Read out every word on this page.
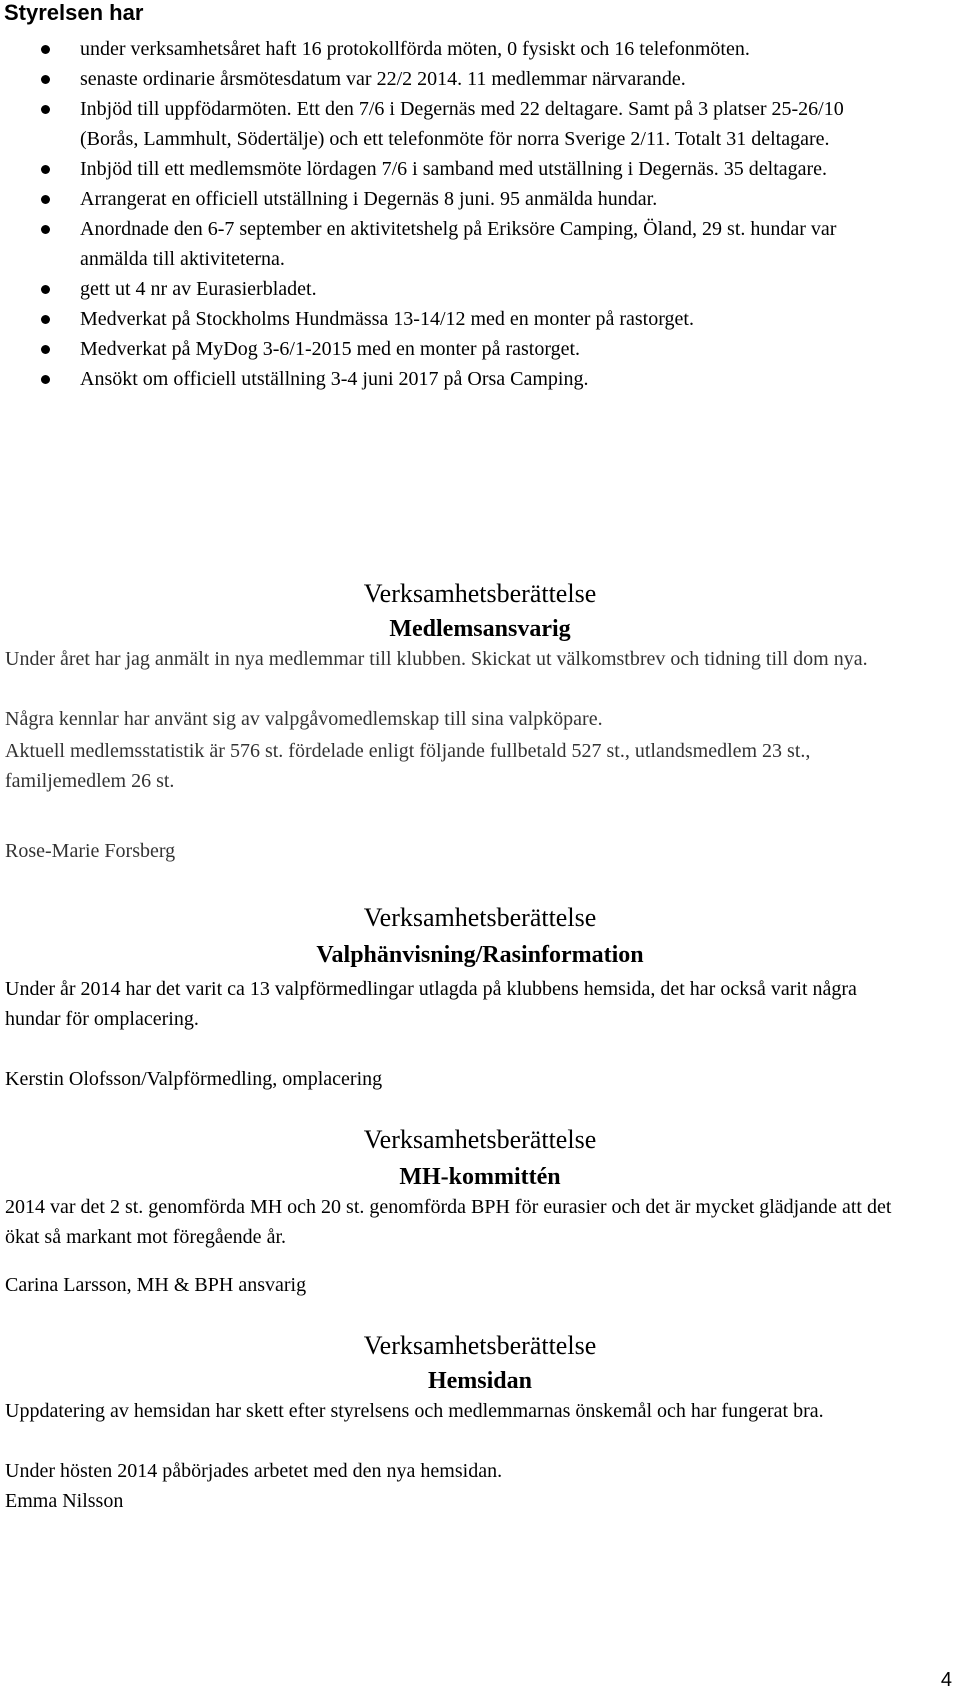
Styrelsen har
under verksamhetsåret haft 16 protokollförda möten, 0 fysiskt och 16 telefonmöten.
senaste ordinarie årsmötesdatum var 22/2 2014. 11 medlemmar närvarande.
Inbjöd till uppfödarmöten. Ett den 7/6 i Degernäs med 22 deltagare. Samt på 3 platser 25-26/10 (Borås, Lammhult, Södertälje) och ett telefonmöte för norra Sverige 2/11. Totalt 31 deltagare.
Inbjöd till ett medlemsmöte lördagen 7/6 i samband med utställning i Degernäs. 35 deltagare.
Arrangerat en officiell utställning i Degernäs 8 juni. 95 anmälda hundar.
Anordnade den 6-7 september en aktivitetshelg på Eriksöre Camping, Öland, 29 st. hundar var anmälda till aktiviteterna.
gett ut 4 nr av Eurasierbladet.
Medverkat på Stockholms Hundmässa 13-14/12 med en monter på rastorget.
Medverkat på MyDog 3-6/1-2015 med en monter på rastorget.
Ansökt om officiell utställning 3-4 juni 2017 på Orsa Camping.
Verksamhetsberättelse
Medlemsansvarig

Under året har jag anmält in nya medlemmar till klubben. Skickat ut välkomstbrev och tidning till dom nya.

Några kennlar har använt sig av valpgåvomedlemskap till sina valpköpare.

Aktuell medlemsstatistik är 576 st. fördelade enligt följande fullbetald 527 st., utlandsmedlem 23 st., familjemedlem 26 st.

Rose-Marie Forsberg

Verksamhetsberättelse
Valphänvisning/Rasinformation

Under år 2014 har det varit ca 13 valpförmedlingar utlagda på klubbens hemsida, det har också varit några hundar för omplacering.

Kerstin Olofsson/Valpförmedling, omplacering

Verksamhetsberättelse
MH-kommittén

2014 var det 2 st. genomförda MH och 20 st. genomförda BPH för eurasier och det är mycket glädjande att det ökat så markant mot föregående år.

Carina Larsson, MH & BPH ansvarig

Verksamhetsberättelse
Hemsidan

Uppdatering av hemsidan har skett efter styrelsens och medlemmarnas önskemål och har fungerat bra.

Under hösten 2014 påbörjades arbetet med den nya hemsidan.

Emma Nilsson

4
